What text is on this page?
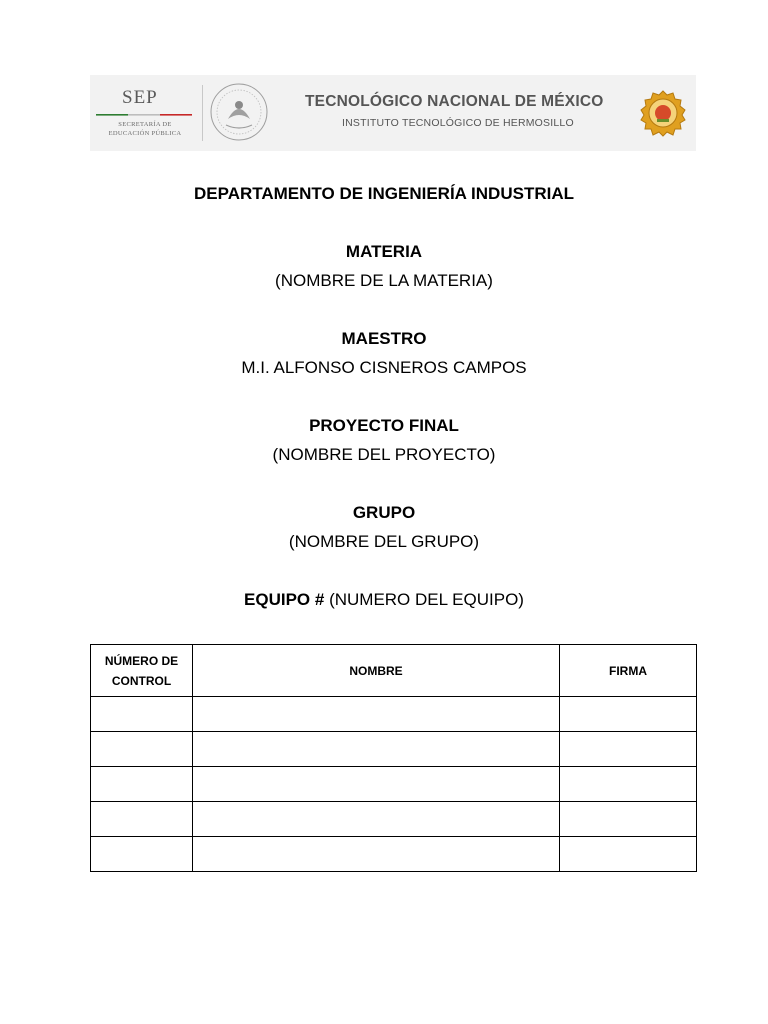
SEP
SECRETARÍA DE
EDUCACIÓN PÚBLICA
TECNOLÓGICO NACIONAL DE MÉXICO
INSTITUTO TECNOLÓGICO DE HERMOSILLO
DEPARTAMENTO DE INGENIERÍA INDUSTRIAL
MATERIA
(NOMBRE DE LA MATERIA)
MAESTRO
M.I. ALFONSO CISNEROS CAMPOS
PROYECTO FINAL
(NOMBRE DEL PROYECTO)
GRUPO
(NOMBRE DEL GRUPO)
EQUIPO # (NUMERO DEL EQUIPO)
NÚMERO DE CONTROL	NOMBRE	FIRMA
